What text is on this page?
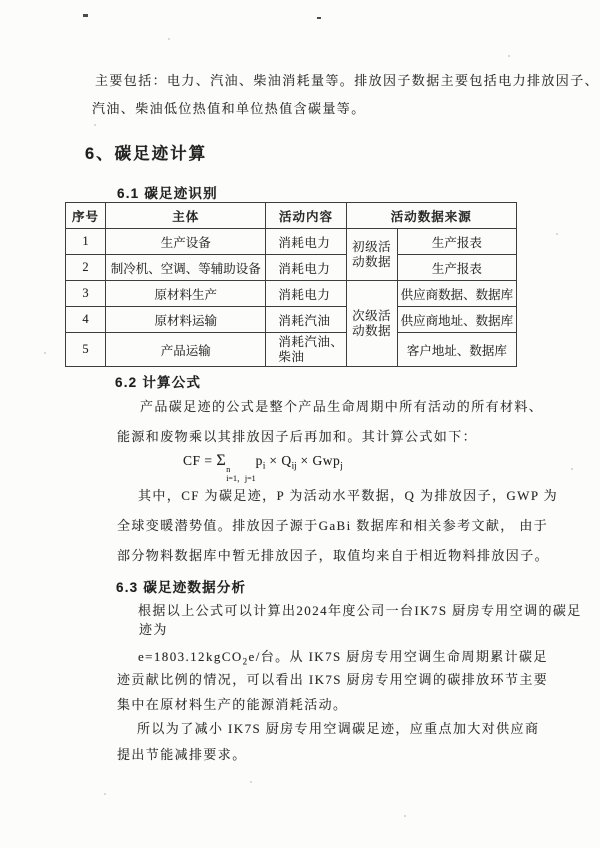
主要包括：电力、汽油、柴油消耗量等。排放因子数据主要包括电力排放因子、
汽油、柴油低位热值和单位热值含碳量等。
6、碳足迹计算
6.1 碳足迹识别
序号	主体	活动内容	活动数据来源	
1	生产设备	消耗电力	初级活动数据	生产报表
2	制冷机、空调、等辅助设备	消耗电力		生产报表
3	原材料生产	消耗电力	次级活动数据	供应商数据、数据库
4	原材料运输	消耗汽油		供应商地址、数据库
5	产品运输	消耗汽油、柴油		客户地址、数据库
6.2 计算公式
产品碳足迹的公式是整个产品生命周期中所有活动的所有材料、
能源和废物乘以其排放因子后再加和。其计算公式如下：
CF = Σ
n
i=1，j=1
$p_i \times Q_{ij} \times Gwp_j$
其中，CF 为碳足迹，P 为活动水平数据，Q 为排放因子，GWP 为
全球变暖潜势值。排放因子源于GaBi 数据库和相关参考文献， 由于
部分物料数据库中暂无排放因子，取值均来自于相近物料排放因子。
6.3 碳足迹数据分析
根据以上公式可以计算出2024年度公司一台IK7S 厨房专用空调的碳足
迹为
e=1803.12kgCO$_2$e/台。从 IK7S 厨房专用空调生命周期累计碳足
迹贡献比例的情况，可以看出 IK7S 厨房专用空调的碳排放环节主要
集中在原材料生产的能源消耗活动。
所以为了减小 IK7S 厨房专用空调碳足迹，应重点加大对供应商
提出节能减排要求。
